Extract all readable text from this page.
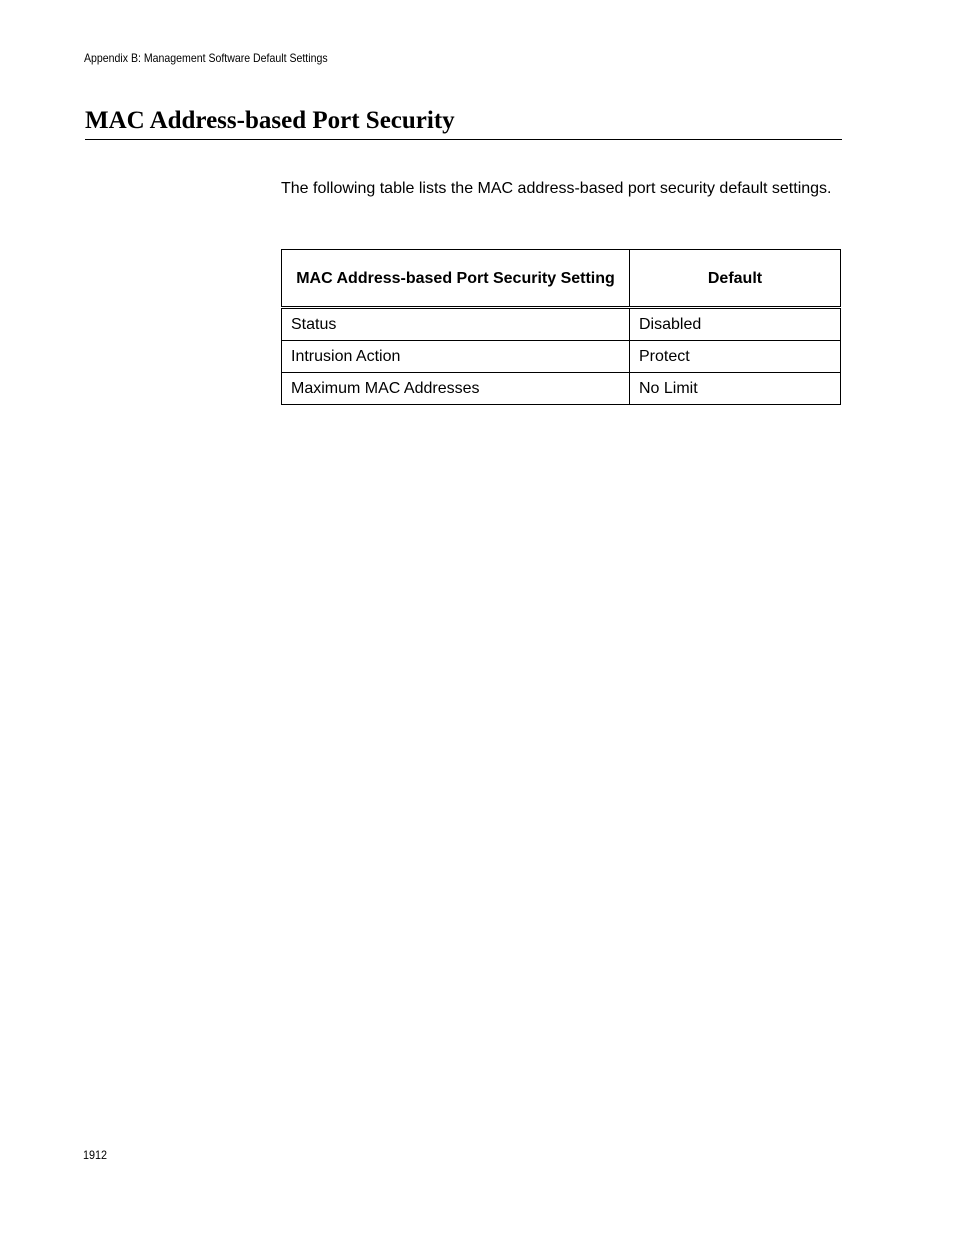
Appendix B: Management Software Default Settings
MAC Address-based Port Security

The following table lists the MAC address-based port security default settings.

MAC Address-based Port Security Setting	Default
Status	Disabled
Intrusion Action	Protect
Maximum MAC Addresses	No Limit
1912
